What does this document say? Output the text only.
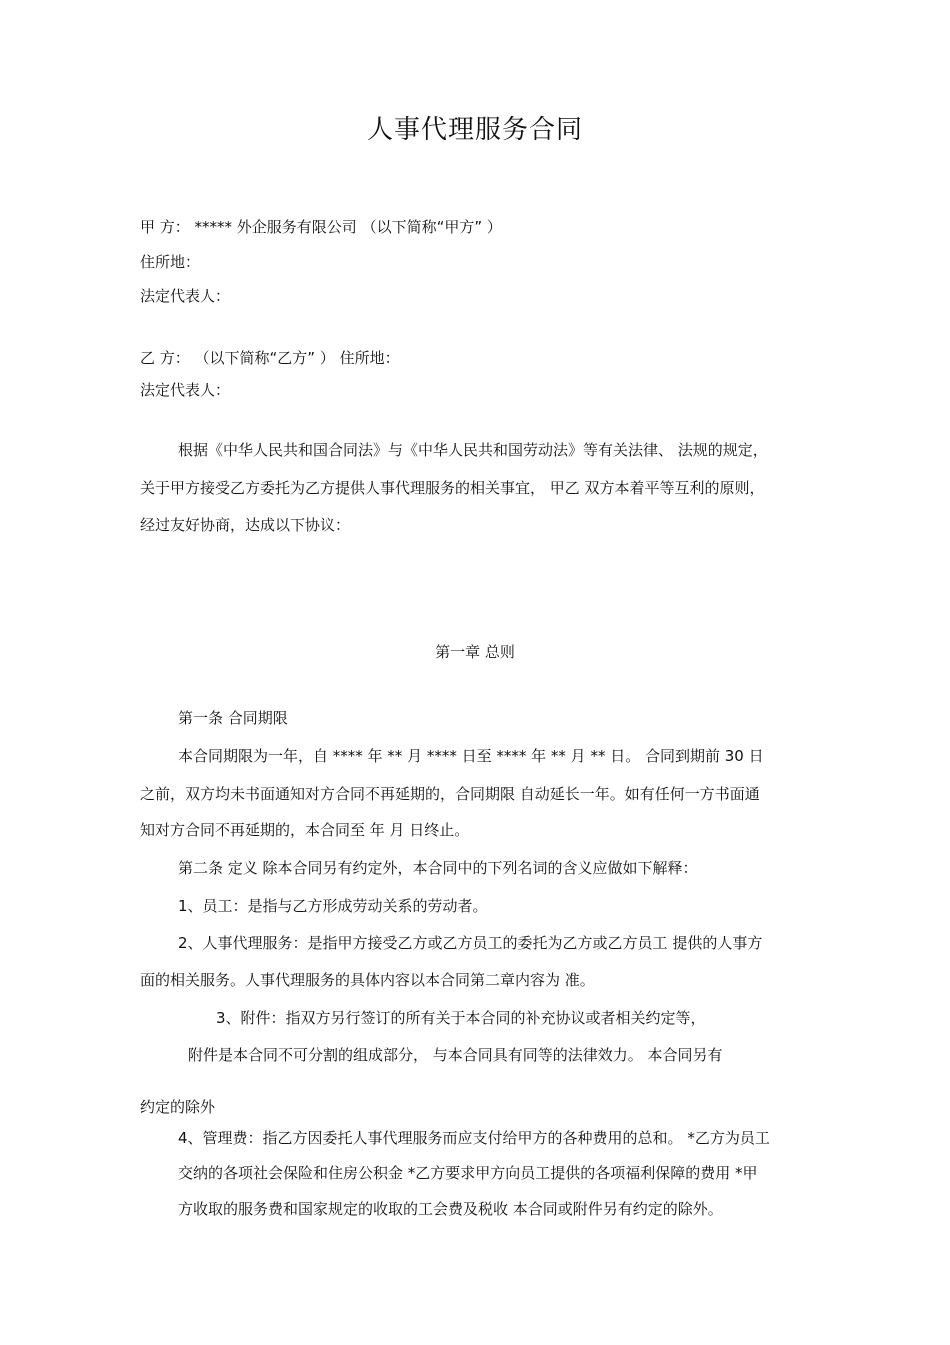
人事代理服务合同

甲 方： ***** 外企服务有限公司 （以下简称“甲方” ）

住所地：

法定代表人：

乙 方： （以下简称“乙方” ） 住所地：

法定代表人：

根据《中华人民共和国合同法》与《中华人民共和国劳动法》等有关法律、 法规的规定，

关于甲方接受乙方委托为乙方提供人事代理服务的相关事宜， 甲乙 双方本着平等互利的原则，

经过友好协商，达成以下协议：

第一章 总则

第一条 合同期限

本合同期限为一年，自 **** 年 ** 月 **** 日至 **** 年 ** 月 ** 日。 合同到期前 30 日

之前，双方均未书面通知对方合同不再延期的，合同期限 自动延长一年。如有任何一方书面通

知对方合同不再延期的，本合同至 年 月 日终止。

第二条 定义 除本合同另有约定外，本合同中的下列名词的含义应做如下解释：

1、员工：是指与乙方形成劳动关系的劳动者。

2、人事代理服务：是指甲方接受乙方或乙方员工的委托为乙方或乙方员工 提供的人事方

面的相关服务。人事代理服务的具体内容以本合同第二章内容为 准。

3、附件：指双方另行签订的所有关于本合同的补充协议或者相关约定等，

附件是本合同不可分割的组成部分， 与本合同具有同等的法律效力。 本合同另有

约定的除外

4、管理费：指乙方因委托人事代理服务而应支付给甲方的各种费用的总和。 *乙方为员工

交纳的各项社会保险和住房公积金 *乙方要求甲方向员工提供的各项福利保障的费用 *甲

方收取的服务费和国家规定的收取的工会费及税收 本合同或附件另有约定的除外。
